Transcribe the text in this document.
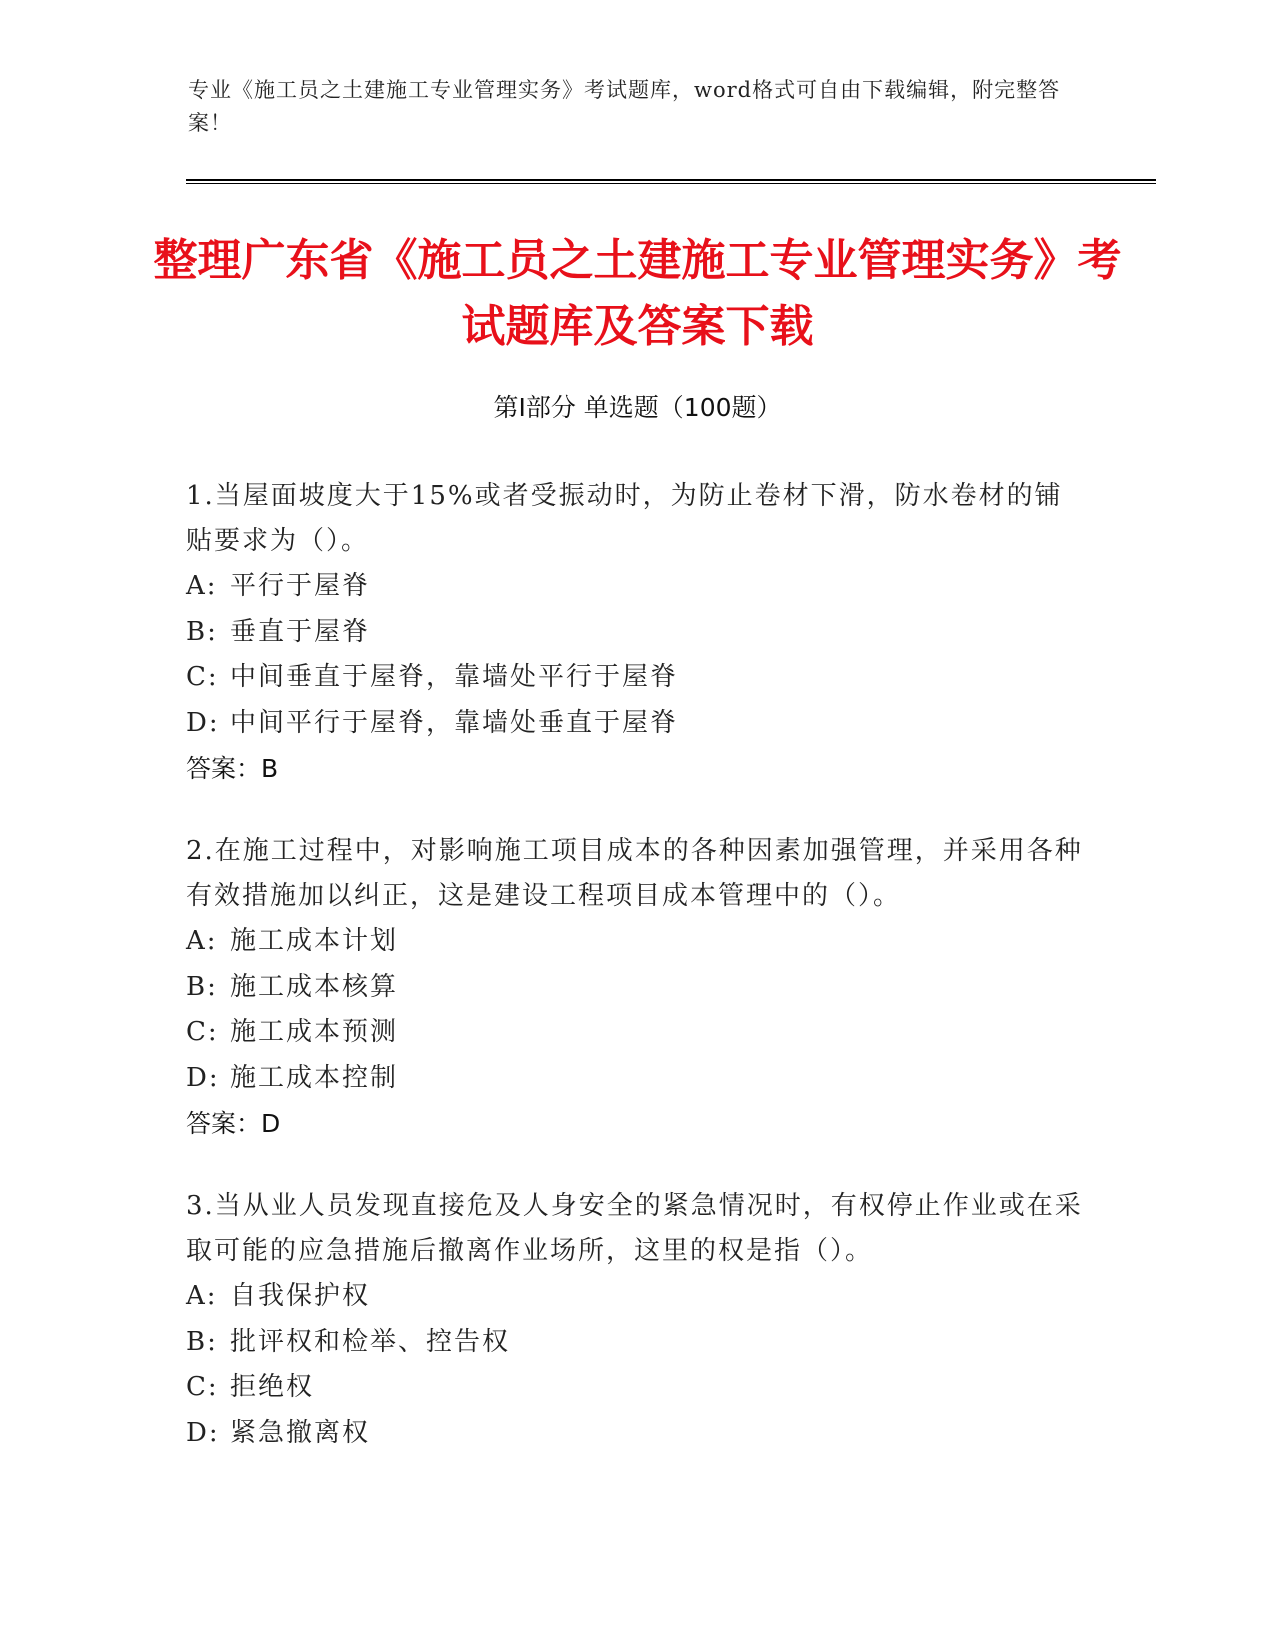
专业《施工员之土建施工专业管理实务》考试题库，word格式可自由下载编辑，附完整答案！
整理广东省《施工员之土建施工专业管理实务》考试题库及答案下载
第Ⅰ部分 单选题（100题）

1.当屋面坡度大于15%或者受振动时，为防止卷材下滑，防水卷材的铺贴要求为（）。

A: 平行于屋脊
B: 垂直于屋脊
C: 中间垂直于屋脊，靠墙处平行于屋脊
D: 中间平行于屋脊，靠墙处垂直于屋脊
答案：B

2.在施工过程中，对影响施工项目成本的各种因素加强管理，并采用各种有效措施加以纠正，这是建设工程项目成本管理中的（）。

A: 施工成本计划
B: 施工成本核算
C: 施工成本预测
D: 施工成本控制
答案：D

3.当从业人员发现直接危及人身安全的紧急情况时，有权停止作业或在采取可能的应急措施后撤离作业场所，这里的权是指（）。

A: 自我保护权
B: 批评权和检举、控告权
C: 拒绝权
D: 紧急撤离权
